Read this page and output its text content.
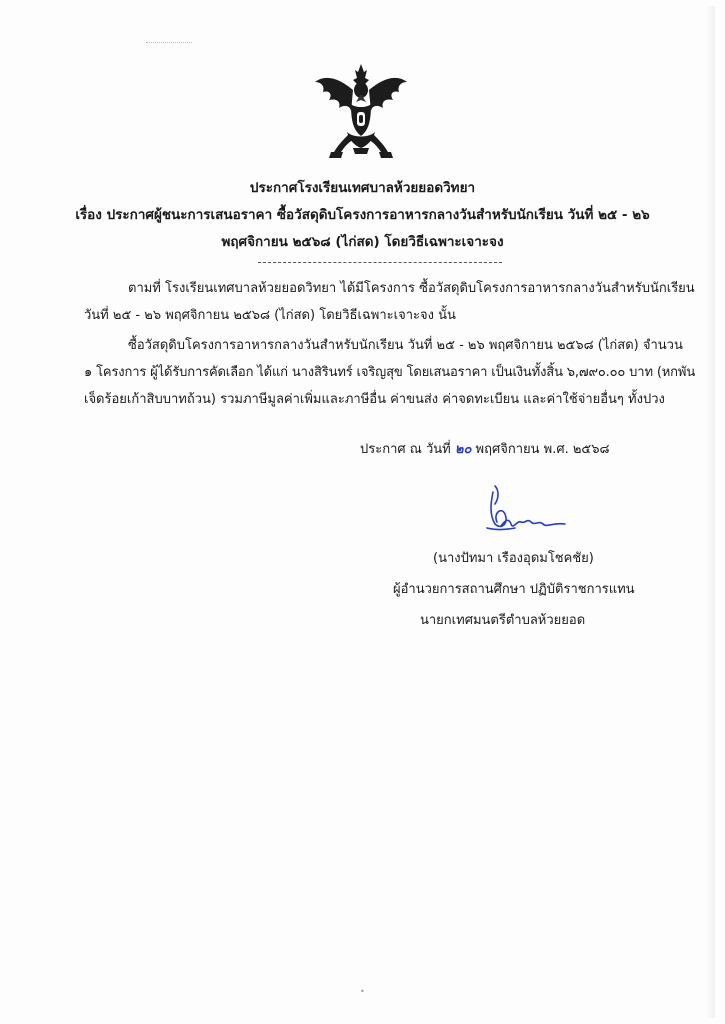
ประกาศโรงเรียนเทศบาลห้วยยอดวิทยา
เรื่อง ประกาศผู้ชนะการเสนอราคา ซื้อวัสดุดิบโครงการอาหารกลางวันสำหรับนักเรียน วันที่ ๒๕ - ๒๖
พฤศจิกายน ๒๕๖๘ (ไก่สด) โดยวิธีเฉพาะเจาะจง
ตามที่ โรงเรียนเทศบาลห้วยยอดวิทยา ได้มีโครงการ ซื้อวัสดุดิบโครงการอาหารกลางวันสำหรับนักเรียน
วันที่ ๒๕ - ๒๖ พฤศจิกายน ๒๕๖๘ (ไก่สด) โดยวิธีเฉพาะเจาะจง นั้น
ซื้อวัสดุดิบโครงการอาหารกลางวันสำหรับนักเรียน วันที่ ๒๕ - ๒๖ พฤศจิกายน ๒๕๖๘ (ไก่สด) จำนวน
๑ โครงการ ผู้ได้รับการคัดเลือก ได้แก่ นางสิรินทร์ เจริญสุข โดยเสนอราคา เป็นเงินทั้งสิ้น ๖,๗๙๐.๐๐ บาท (หกพัน
เจ็ดร้อยเก้าสิบบาทถ้วน) รวมภาษีมูลค่าเพิ่มและภาษีอื่น ค่าขนส่ง ค่าจดทะเบียน และค่าใช้จ่ายอื่นๆ ทั้งปวง
ประกาศ ณ วันที่ ๒๐ พฤศจิกายน พ.ศ. ๒๕๖๘
(นางปัทมา เรืองอุดมโชคชัย)
ผู้อำนวยการสถานศึกษา ปฏิบัติราชการแทน
นายกเทศมนตรีตำบลห้วยยอด
•
